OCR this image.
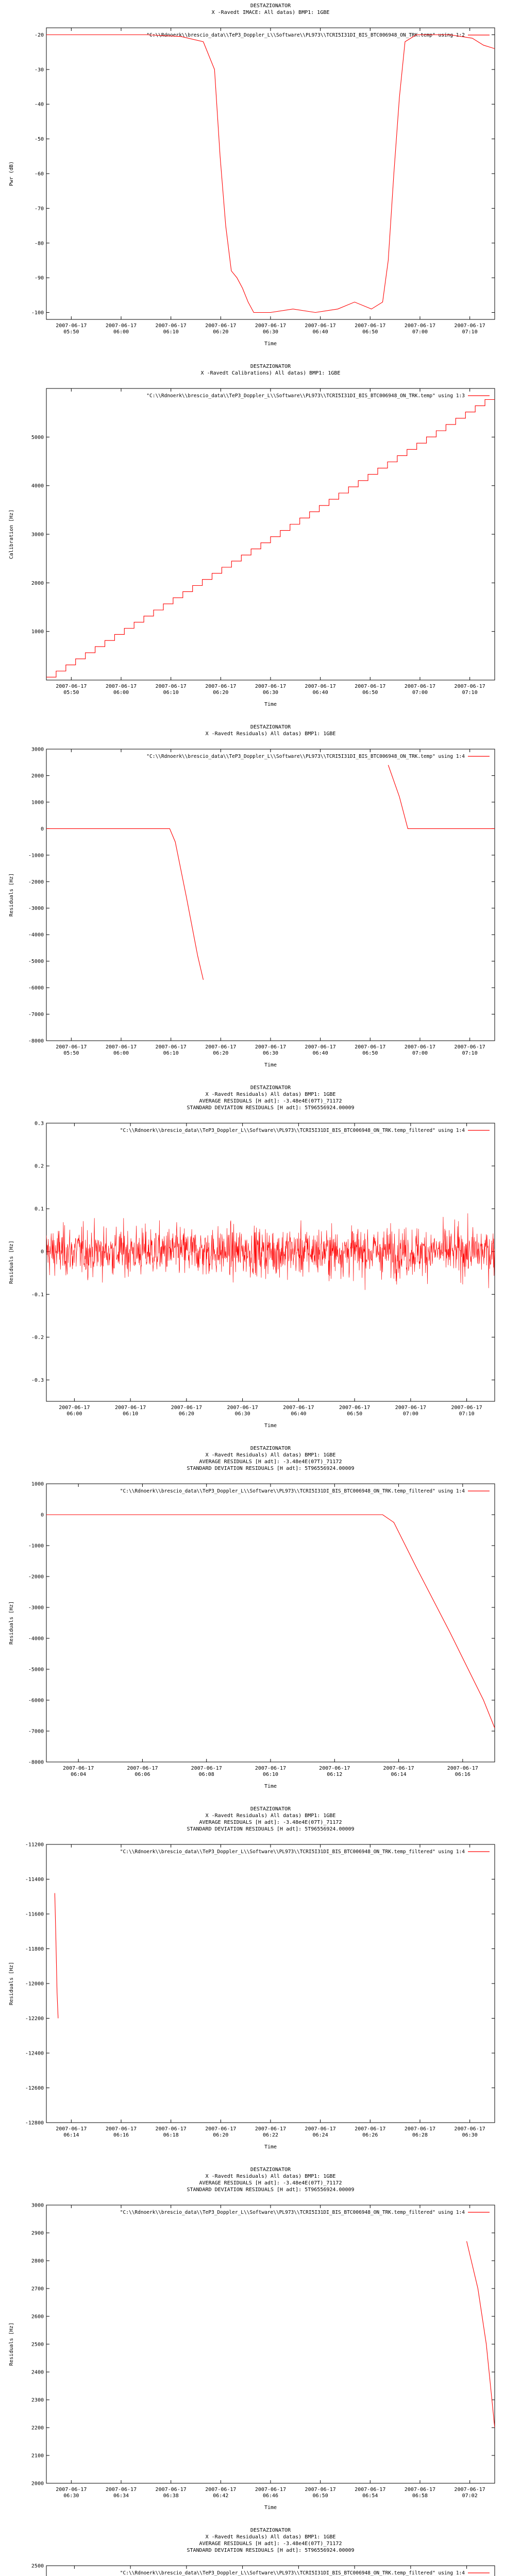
DESTAZIONATOR
X -Ravedt IMACE: All datas) BMP1: 1GBE
-20
-30
-40
-50
-60
-70
-80
-90
-100
2007-06-17
05:50
2007-06-17
06:00
2007-06-17
06:10
2007-06-17
06:20
2007-06-17
06:30
2007-06-17
06:40
2007-06-17
06:50
2007-06-17
07:00
2007-06-17
07:10
Time
Pwr (dB)
"C:\\Rdnoerk\\brescio_data\\TeP3_Doppler_L\\Software\\PL973\\TCRI5I31DI_BIS_BTC006948_ON_TRK.temp" using 1:2
DESTAZIONATOR
X -Ravedt Calibrations) All datas) BMP1: 1GBE
1000
2000
3000
4000
5000
2007-06-17
05:50
2007-06-17
06:00
2007-06-17
06:10
2007-06-17
06:20
2007-06-17
06:30
2007-06-17
06:40
2007-06-17
06:50
2007-06-17
07:00
2007-06-17
07:10
Time
Calibration [Hz]
"C:\\Rdnoerk\\brescio_data\\TeP3_Doppler_L\\Software\\PL973\\TCRI5I31DI_BIS_BTC006948_ON_TRK.temp" using 1:3
DESTAZIONATOR
X -Ravedt Residuals) All datas) BMP1: 1GBE
3000
2000
1000
0
-1000
-2000
-3000
-4000
-5000
-6000
-7000
-8000
2007-06-17
05:50
2007-06-17
06:00
2007-06-17
06:10
2007-06-17
06:20
2007-06-17
06:30
2007-06-17
06:40
2007-06-17
06:50
2007-06-17
07:00
2007-06-17
07:10
Time
Residuals [Hz]
"C:\\Rdnoerk\\brescio_data\\TeP3_Doppler_L\\Software\\PL973\\TCRI5I31DI_BIS_BTC006948_ON_TRK.temp" using 1:4
DESTAZIONATOR
X -Ravedt Residuals) All datas) BMP1: 1GBE
AVERAGE RESIDUALS [H adt]: -3.48e4E(07T)_71172
STANDARD DEVIATION RESIDUALS [H adt]: 5T96556924.00009
0.3
0.2
0.1
0
-0.1
-0.2
-0.3
2007-06-17
06:00
2007-06-17
06:10
2007-06-17
06:20
2007-06-17
06:30
2007-06-17
06:40
2007-06-17
06:50
2007-06-17
07:00
2007-06-17
07:10
Time
Residuals [Hz]
"C:\\Rdnoerk\\brescio_data\\TeP3_Doppler_L\\Software\\PL973\\TCRI5I31DI_BIS_BTC006948_ON_TRK.temp_filtered" using 1:4
DESTAZIONATOR
X -Ravedt Residuals) All datas) BMP1: 1GBE
AVERAGE RESIDUALS [H adt]: -3.48e4E(07T)_71172
STANDARD DEVIATION RESIDUALS [H adt]: 5T96556924.00009
1000
0
-1000
-2000
-3000
-4000
-5000
-6000
-7000
-8000
2007-06-17
06:04
2007-06-17
06:06
2007-06-17
06:08
2007-06-17
06:10
2007-06-17
06:12
2007-06-17
06:14
2007-06-17
06:16
Time
Residuals [Hz]
"C:\\Rdnoerk\\brescio_data\\TeP3_Doppler_L\\Software\\PL973\\TCRI5I31DI_BIS_BTC006948_ON_TRK.temp_filtered" using 1:4
DESTAZIONATOR
X -Ravedt Residuals) All datas) BMP1: 1GBE
AVERAGE RESIDUALS [H adt]: -3.48e4E(07T)_71172
STANDARD DEVIATION RESIDUALS [H adt]: 5T96556924.00009
-11200
-11400
-11600
-11800
-12000
-12200
-12400
-12600
-12800
2007-06-17
06:14
2007-06-17
06:16
2007-06-17
06:18
2007-06-17
06:20
2007-06-17
06:22
2007-06-17
06:24
2007-06-17
06:26
2007-06-17
06:28
2007-06-17
06:30
Time
Residuals [Hz]
"C:\\Rdnoerk\\brescio_data\\TeP3_Doppler_L\\Software\\PL973\\TCRI5I31DI_BIS_BTC006948_ON_TRK.temp_filtered" using 1:4
DESTAZIONATOR
X -Ravedt Residuals) All datas) BMP1: 1GBE
AVERAGE RESIDUALS [H adt]: -3.48e4E(07T)_71172
STANDARD DEVIATION RESIDUALS [H adt]: 5T96556924.00009
3000
2900
2800
2700
2600
2500
2400
2300
2200
2100
2000
2007-06-17
06:30
2007-06-17
06:34
2007-06-17
06:38
2007-06-17
06:42
2007-06-17
06:46
2007-06-17
06:50
2007-06-17
06:54
2007-06-17
06:58
2007-06-17
07:02
Time
Residuals [Hz]
"C:\\Rdnoerk\\brescio_data\\TeP3_Doppler_L\\Software\\PL973\\TCRI5I31DI_BIS_BTC006948_ON_TRK.temp_filtered" using 1:4
DESTAZIONATOR
X -Ravedt Residuals) All datas) BMP1: 1GBE
AVERAGE RESIDUALS [H adt]: -3.48e4E(07T)_71172
STANDARD DEVIATION RESIDUALS [H adt]: 5T96556924.00009
2500
"C:\\Rdnoerk\\brescio_data\\TeP3_Doppler_L\\Software\\PL973\\TCRI5I31DI_BIS_BTC006948_ON_TRK.temp_filtered" using 1:4
